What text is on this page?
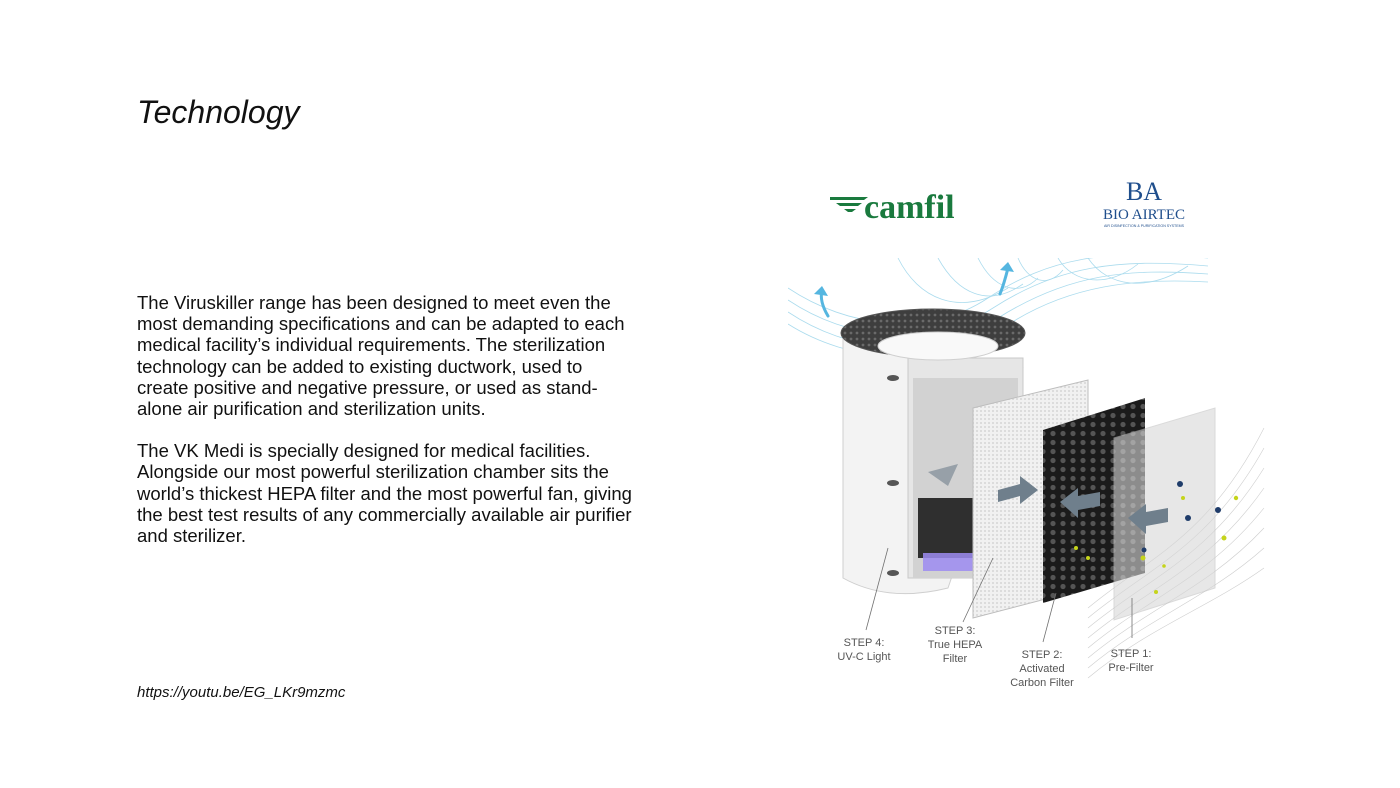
Technology

The Viruskiller range has been designed to meet even the most demanding specifications and can be adapted to each medical facility’s individual requirements. The sterilization technology can be added to existing ductwork, used to create positive and negative pressure, or used as stand-alone air purification and sterilization units.

The VK Medi is specially designed for medical facilities. Alongside our most powerful sterilization chamber sits the world’s thickest HEPA filter and the most powerful fan, giving the best test results of any commercially available air purifier and sterilizer.

https://youtu.be/EG_LKr9mzmc
camfil	BA
BIO AIRTEC
AIR DISINFECTION & PURIFICATION SYSTEMS
STEP 4:
UV-C Light
STEP 3:
True HEPA
Filter	STEP 2:
Activated
Carbon Filter
STEP 1:
Pre-Filter
